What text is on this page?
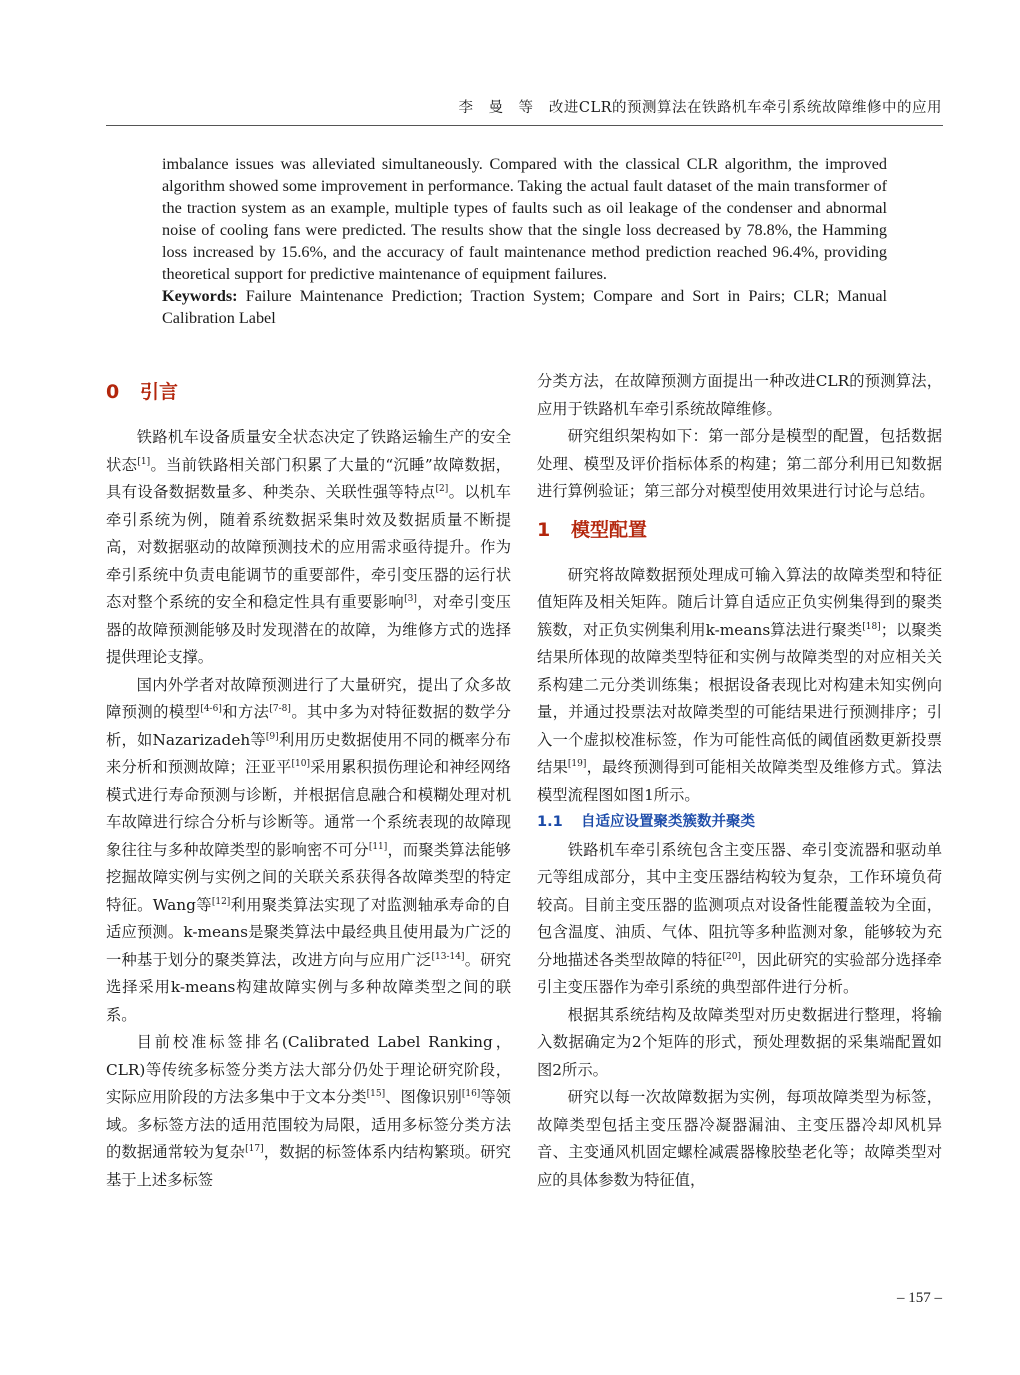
李　曼　等 改进CLR的预测算法在铁路机车牵引系统故障维修中的应用

imbalance issues was alleviated simultaneously. Compared with the classical CLR algorithm, the improved algorithm showed some improvement in performance. Taking the actual fault dataset of the main transformer of the traction system as an example, multiple types of faults such as oil leakage of the condenser and abnormal noise of cooling fans were predicted. The results show that the single loss decreased by 78.8%, the Hamming loss increased by 15.6%, and the accuracy of fault maintenance method prediction reached 96.4%, providing theoretical support for predictive maintenance of equipment failures.

Keywords: Failure Maintenance Prediction; Traction System; Compare and Sort in Pairs; CLR; Manual Calibration Label

0	引言

铁路机车设备质量安全状态决定了铁路运输生产的安全状态[1]。当前铁路相关部门积累了大量的“沉睡”故障数据，具有设备数据数量多、种类杂、关联性强等特点[2]。以机车牵引系统为例，随着系统数据采集时效及数据质量不断提高，对数据驱动的故障预测技术的应用需求亟待提升。作为牵引系统中负责电能调节的重要部件，牵引变压器的运行状态对整个系统的安全和稳定性具有重要影响[3]，对牵引变压器的故障预测能够及时发现潜在的故障，为维修方式的选择提供理论支撑。

国内外学者对故障预测进行了大量研究，提出了众多故障预测的模型[4-6]和方法[7-8]。其中多为对特征数据的数学分析，如Nazarizadeh等[9]利用历史数据使用不同的概率分布来分析和预测故障；汪亚平[10]采用累积损伤理论和神经网络模式进行寿命预测与诊断，并根据信息融合和模糊处理对机车故障进行综合分析与诊断等。通常一个系统表现的故障现象往往与多种故障类型的影响密不可分[11]，而聚类算法能够挖掘故障实例与实例之间的关联关系获得各故障类型的特定特征。Wang等[12]利用聚类算法实现了对监测轴承寿命的自适应预测。k-means是聚类算法中最经典且使用最为广泛的一种基于划分的聚类算法，改进方向与应用广泛[13-14]。研究选择采用k-means构建故障实例与多种故障类型之间的联系。

目前校准标签排名(Calibrated Label Ranking，CLR)等传统多标签分类方法大部分仍处于理论研究阶段，实际应用阶段的方法多集中于文本分类[15]、图像识别[16]等领域。多标签方法的适用范围较为局限，适用多标签分类方法的数据通常较为复杂[17]，数据的标签体系内结构繁琐。研究基于上述多标签

分类方法，在故障预测方面提出一种改进CLR的预测算法，应用于铁路机车牵引系统故障维修。

研究组织架构如下：第一部分是模型的配置，包括数据处理、模型及评价指标体系的构建；第二部分利用已知数据进行算例验证；第三部分对模型使用效果进行讨论与总结。

1	模型配置

研究将故障数据预处理成可输入算法的故障类型和特征值矩阵及相关矩阵。随后计算自适应正负实例集得到的聚类簇数，对正负实例集利用k-means算法进行聚类[18]；以聚类结果所体现的故障类型特征和实例与故障类型的对应相关关系构建二元分类训练集；根据设备表现比对构建未知实例向量，并通过投票法对故障类型的可能结果进行预测排序；引入一个虚拟校准标签，作为可能性高低的阈值函数更新投票结果[19]，最终预测得到可能相关故障类型及维修方式。算法模型流程图如图1所示。

1.1	自适应设置聚类簇数并聚类

铁路机车牵引系统包含主变压器、牵引变流器和驱动单元等组成部分，其中主变压器结构较为复杂，工作环境负荷较高。目前主变压器的监测项点对设备性能覆盖较为全面，包含温度、油质、气体、阻抗等多种监测对象，能够较为充分地描述各类型故障的特征[20]，因此研究的实验部分选择牵引主变压器作为牵引系统的典型部件进行分析。

根据其系统结构及故障类型对历史数据进行整理，将输入数据确定为2个矩阵的形式，预处理数据的采集端配置如图2所示。

研究以每一次故障数据为实例，每项故障类型为标签，故障类型包括主变压器冷凝器漏油、主变压器冷却风机异音、主变通风机固定螺栓减震器橡胶垫老化等；故障类型对应的具体参数为特征值，

– 157 –
